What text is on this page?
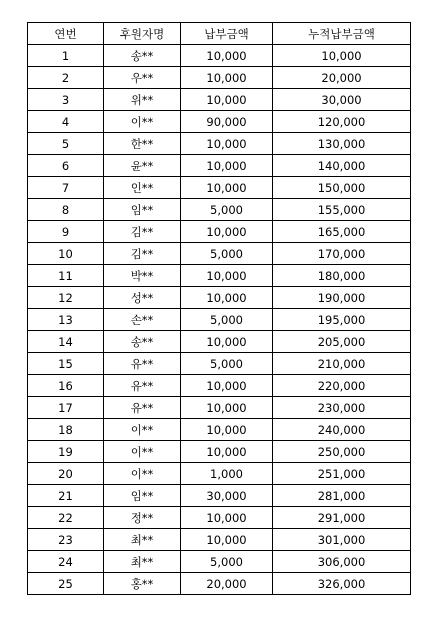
연번	후원자명	납부금액	누적납부금액
1	송**	10,000	10,000
2	우**	10,000	20,000
3	위**	10,000	30,000
4	이**	90,000	120,000
5	한**	10,000	130,000
6	윤**	10,000	140,000
7	인**	10,000	150,000
8	임**	5,000	155,000
9	김**	10,000	165,000
10	김**	5,000	170,000
11	박**	10,000	180,000
12	성**	10,000	190,000
13	손**	5,000	195,000
14	송**	10,000	205,000
15	유**	5,000	210,000
16	유**	10,000	220,000
17	유**	10,000	230,000
18	이**	10,000	240,000
19	이**	10,000	250,000
20	이**	1,000	251,000
21	임**	30,000	281,000
22	정**	10,000	291,000
23	최**	10,000	301,000
24	최**	5,000	306,000
25	홍**	20,000	326,000
